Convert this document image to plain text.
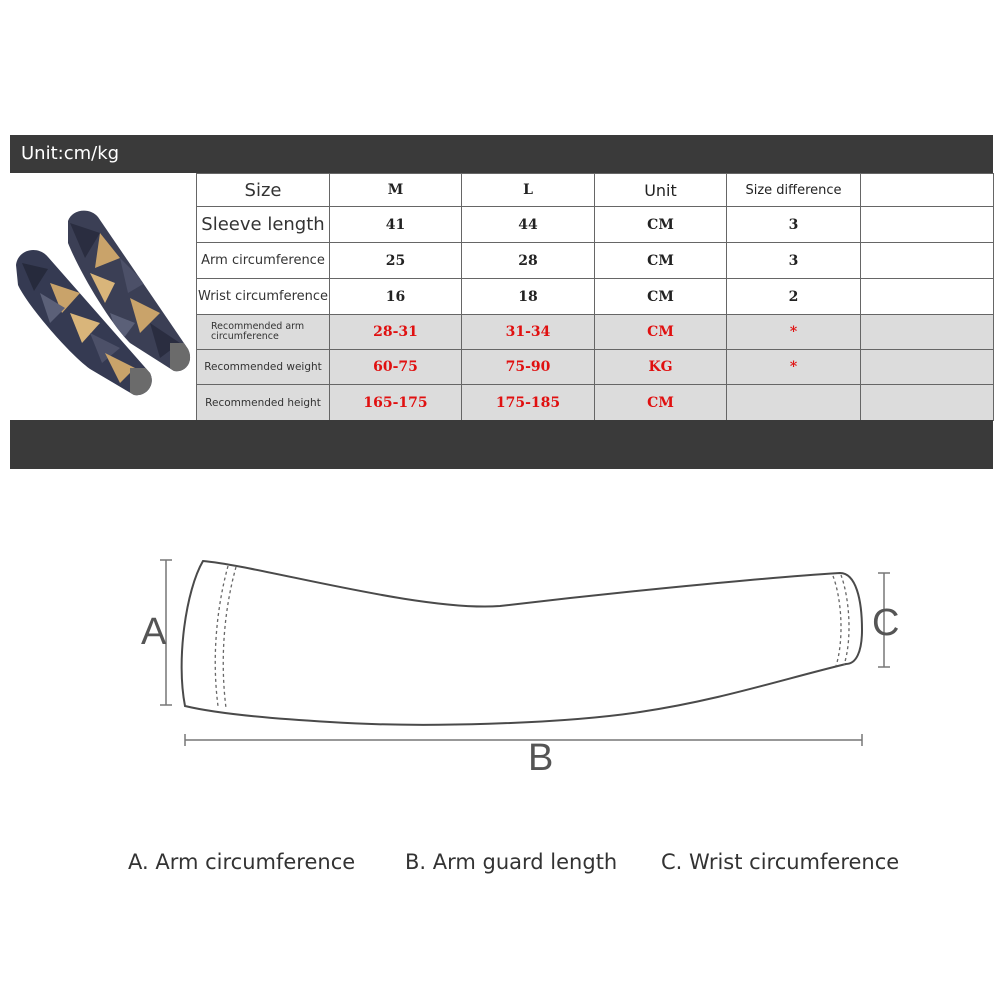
Unit:cm/kg
Size	M	L	Unit	Size difference	
Sleeve length	41	44	CM	3	
Arm circumference	25	28	CM	3	
Wrist circumference	16	18	CM	2	
Recommended arm circumference	28-31	31-34	CM	*	
Recommended weight	60-75	75-90	KG	*	
Recommended height	165-175	175-185	CM		
A
B
C
A. Arm circumference B. Arm guard length C. Wrist circumference
